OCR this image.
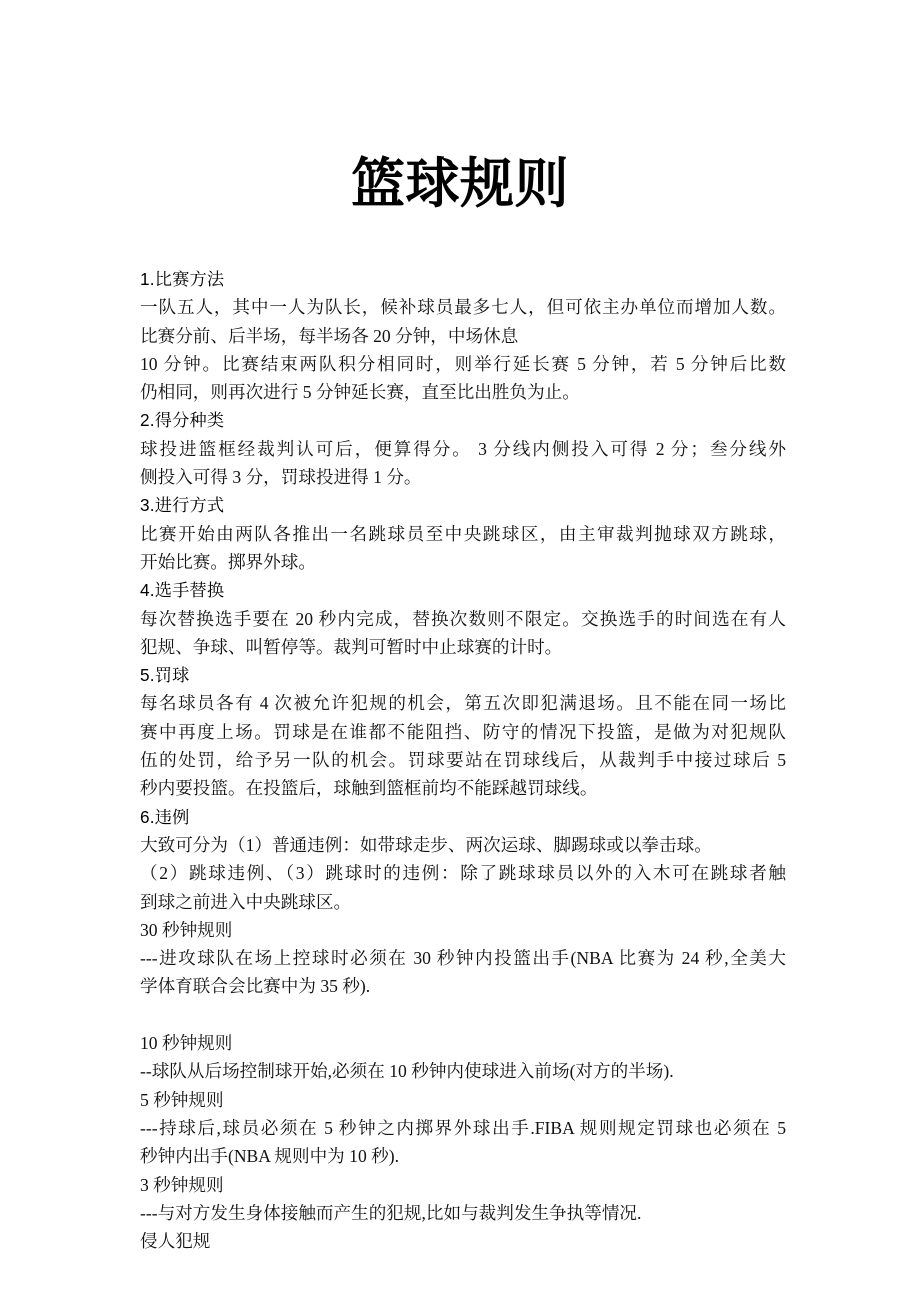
篮球规则
1.比赛方法
一队五人，其中一人为队长，候补球员最多七人，但可依主办单位而增加人数。
比赛分前、后半场，每半场各 20 分钟，中场休息
10 分钟。比赛结束两队积分相同时，则举行延长赛 5 分钟，若 5 分钟后比数
仍相同，则再次进行 5 分钟延长赛，直至比出胜负为止。
2.得分种类
球投进篮框经裁判认可后，便算得分。 3 分线内侧投入可得 2 分；叁分线外
侧投入可得 3 分，罚球投进得 1 分。
3.进行方式
比赛开始由两队各推出一名跳球员至中央跳球区，由主审裁判抛球双方跳球，
开始比赛。掷界外球。
4.选手替换
每次替换选手要在 20 秒内完成，替换次数则不限定。交换选手的时间选在有人
犯规、争球、叫暂停等。裁判可暂时中止球赛的计时。
5.罚球
每名球员各有 4 次被允许犯规的机会，第五次即犯满退场。且不能在同一场比
赛中再度上场。罚球是在谁都不能阻挡、防守的情况下投篮，是做为对犯规队
伍的处罚，给予另一队的机会。罚球要站在罚球线后，从裁判手中接过球后 5
秒内要投篮。在投篮后，球触到篮框前均不能踩越罚球线。
6.违例
大致可分为（1）普通违例：如带球走步、两次运球、脚踢球或以拳击球。
（2）跳球违例、（3）跳球时的违例：除了跳球球员以外的入木可在跳球者触
到球之前进入中央跳球区。
30 秒钟规则
---进攻球队在场上控球时必须在 30 秒钟内投篮出手(NBA 比赛为 24 秒,全美大
学体育联合会比赛中为 35 秒).
10 秒钟规则
--球队从后场控制球开始,必须在 10 秒钟内使球进入前场(对方的半场).
5 秒钟规则
---持球后,球员必须在 5 秒钟之内掷界外球出手.FIBA 规则规定罚球也必须在 5
秒钟内出手(NBA 规则中为 10 秒).
3 秒钟规则
---与对方发生身体接触而产生的犯规,比如与裁判发生争执等情况.
侵人犯规
